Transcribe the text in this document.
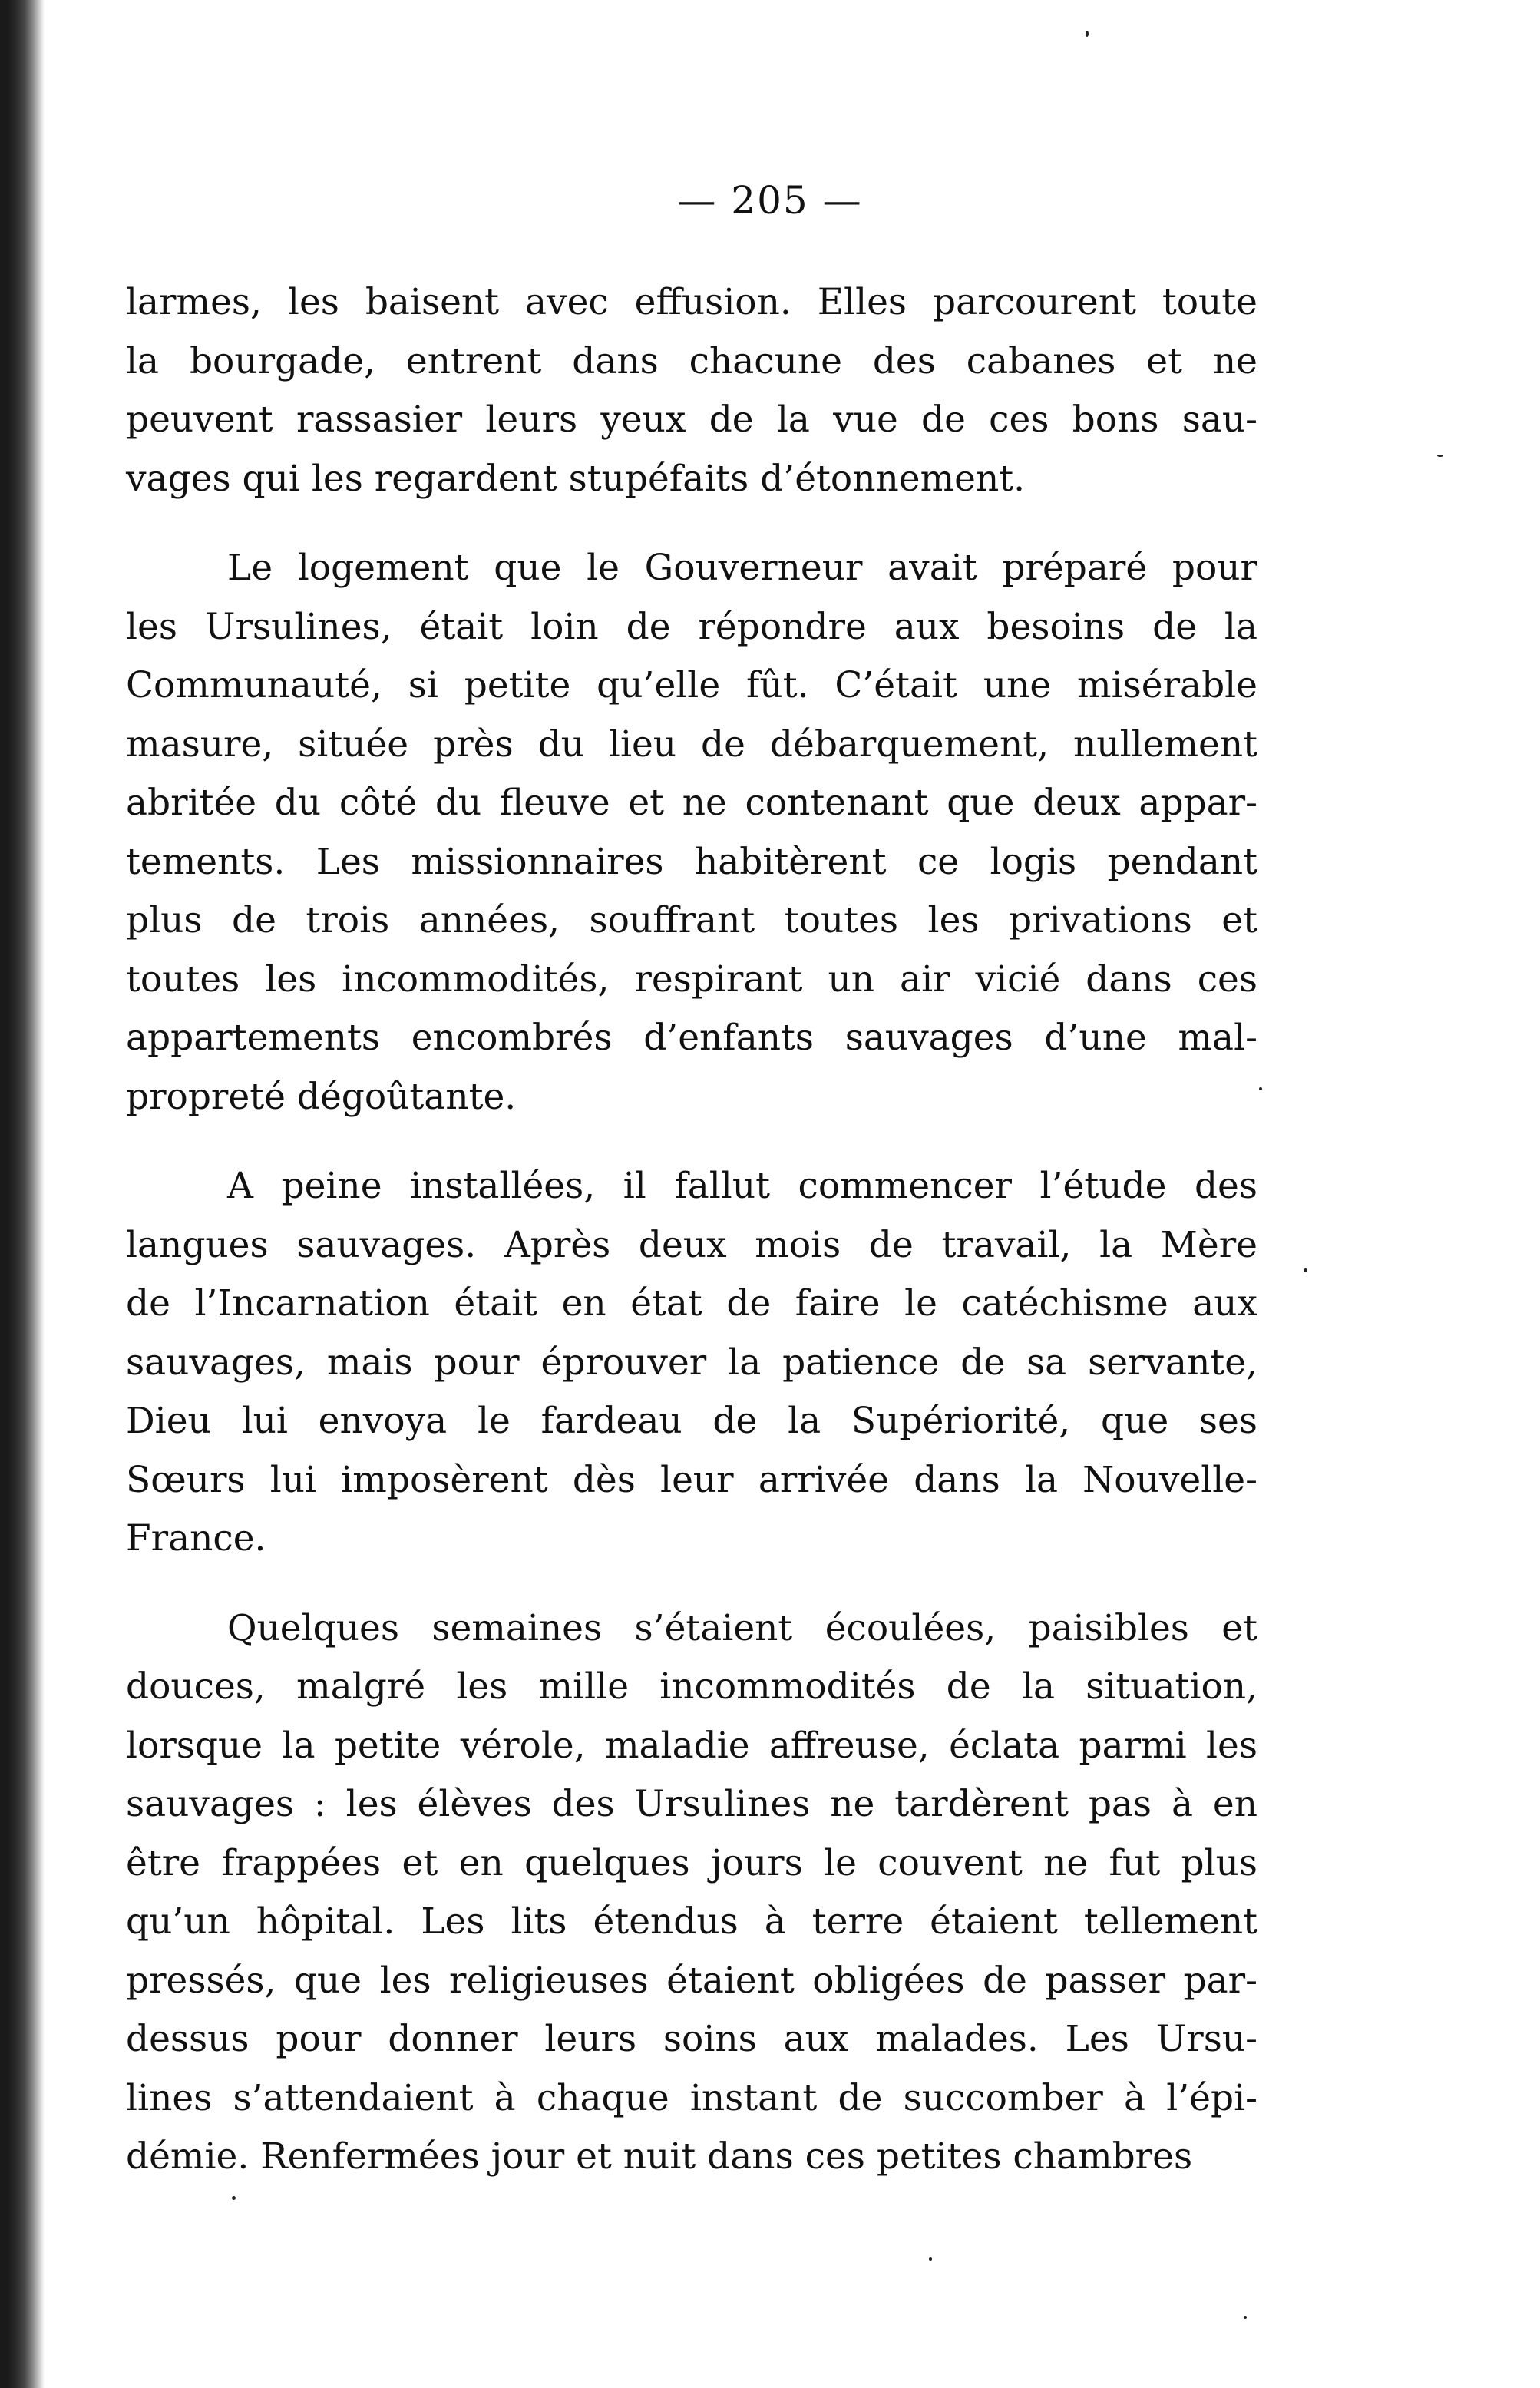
— 205 —

larmes, les baisent avec effusion. Elles parcourent toute
la bourgade, entrent dans chacune des cabanes et ne
peuvent rassasier leurs yeux de la vue de ces bons sau-
vages qui les regardent stupéfaits d’étonnement.

Le logement que le Gouverneur avait préparé pour
les Ursulines, était loin de répondre aux besoins de la
Communauté, si petite qu’elle fût. C’était une misérable
masure, située près du lieu de débarquement, nullement
abritée du côté du fleuve et ne contenant que deux appar-
tements. Les missionnaires habitèrent ce logis pendant
plus de trois années, souffrant toutes les privations et
toutes les incommodités, respirant un air vicié dans ces
appartements encombrés d’enfants sauvages d’une mal-
propreté dégoûtante.

A peine installées, il fallut commencer l’étude des
langues sauvages. Après deux mois de travail, la Mère
de l’Incarnation était en état de faire le catéchisme aux
sauvages, mais pour éprouver la patience de sa servante,
Dieu lui envoya le fardeau de la Supériorité, que ses
Sœurs lui imposèrent dès leur arrivée dans la Nouvelle-
France.

Quelques semaines s’étaient écoulées, paisibles et
douces, malgré les mille incommodités de la situation,
lorsque la petite vérole, maladie affreuse, éclata parmi les
sauvages : les élèves des Ursulines ne tardèrent pas à en
être frappées et en quelques jours le couvent ne fut plus
qu’un hôpital. Les lits étendus à terre étaient tellement
pressés, que les religieuses étaient obligées de passer par-
dessus pour donner leurs soins aux malades. Les Ursu-
lines s’attendaient à chaque instant de succomber à l’épi-
démie. Renfermées jour et nuit dans ces petites chambres
